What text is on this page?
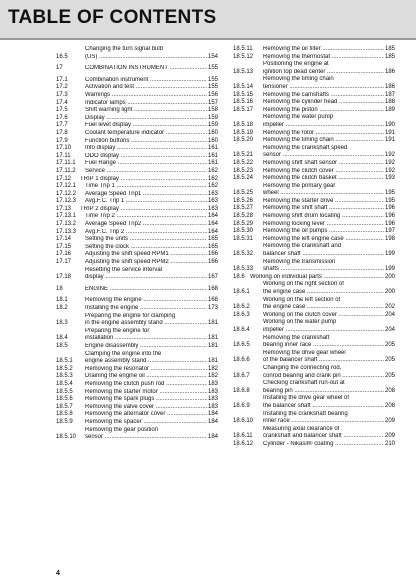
TABLE OF CONTENTS
16.5
Changing the turn signal bulb
(US) .....	154
17	COMBINATION INSTRUMENT .....	155
17.1	Combination instrument .....	155
17.2	Activation and test .....	155
17.3	Warnings .....	156
17.4	Indicator lamps .....	157
17.5	Shift warning light .....	158
17.6	Display .....	159
17.7	Fuel level display .....	159
17.8	Coolant temperature indicator .....	160
17.9	Function buttons .....	160
17.10	Info display .....	161
17.11	ODO display .....	161
17.11.1	Fuel Range .....	161
17.11.2	Service .....	162
17.12	TRIP 1 display .....	162
17.12.1	Time Trip 1 .....	162
17.12.2	Average Speed Trip1 .....	163
17.12.3	Avg.F.C. Trip 1 .....	163
17.13	TRIP 2 display .....	163
17.13.1	Time Trip 2 .....	164
17.13.2	Average Speed Trip2 .....	164
17.13.3	Avg.F.C. Trip 2 .....	164
17.14	Setting the units .....	165
17.15	Setting the clock .....	165
17.16	Adjusting the shift speed RPM1 .....	166
17.17	Adjusting the shift speed RPM2 .....	166
17.18
Resetting the service interval
display .....	167
18	ENGINE .....	168
18.1	Removing the engine .....	168
18.2	Installing the engine .....	173
18.3
Preparing the engine for clamping
in the engine assembly stand .....	181
18.4
Preparing the engine for
installation .....	181
18.5	Engine disassembly .....	181
18.5.1
Clamping the engine into the
engine assembly stand .....	181
18.5.2	Removing the resonator .....	182
18.5.3	Draining the engine oil .....	182
18.5.4	Removing the clutch push rod .....	183
18.5.5	Removing the starter motor .....	183
18.5.6	Removing the spark plugs .....	183
18.5.7	Removing the valve cover .....	183
18.5.8	Removing the alternator cover .....	184
18.5.9	Removing the spacer .....	184
18.5.10
Removing the gear position
sensor .....	184
18.5.11	Removing the oil filter .....	185
18.5.12	Removing the thermostat .....	185
18.5.13
Positioning the engine at
ignition top dead center .....	186
18.5.14
Removing the timing chain
tensioner .....	186
18.5.15	Removing the camshafts .....	187
18.5.16	Removing the cylinder head .....	188
18.5.17	Removing the piston .....	189
18.5.18
Removing the water pump
impeller .....	190
18.5.19	Removing the rotor .....	191
18.5.20	Removing the timing chain .....	191
18.5.21
Removing the crankshaft speed
sensor .....	192
18.5.22	Removing shift shaft sensor .....	192
18.5.23	Removing the clutch cover .....	192
18.5.24	Removing the clutch basket .....	193
18.5.25
Removing the primary gear
wheel .....	195
18.5.26	Removing the starter drive .....	195
18.5.27	Removing the shift shaft .....	196
18.5.28	Removing shift drum locating .....	196
18.5.29	Removing locking lever .....	196
18.5.30	Removing the oil pumps .....	197
18.5.31	Removing the left engine case .....	198
18.5.32
Removing the crankshaft and
balancer shaft .....	199
18.5.33
Removing the transmission
shafts .....	199
18.6 Working on individual parts .....	200
18.6.1
Working on the right section of
the engine case .....	200
18.6.2
Working on the left section of
the engine case .....	202
18.6.3	Working on the clutch cover .....	204
18.6.4
Working on the water pump
impeller .....	204
18.6.5
Removing the crankshaft
bearing inner race .....	205
18.6.6
Removing the drive gear wheel
of the balancer shaft .....	205
18.6.7
Changing the connecting rod,
conrod bearing and crank pin .....	205
18.6.8
Checking crankshaft run-out at
bearing pin .....	208
18.6.9
Installing the drive gear wheel of
the balancer shaft .....	208
18.6.10
Installing the crankshaft bearing
inner race .....	209
18.6.11
Measuring axial clearance of
crankshaft and balancer shaft .....	209
18.6.12	Cylinder - Nikasil® coating .....	210
4
